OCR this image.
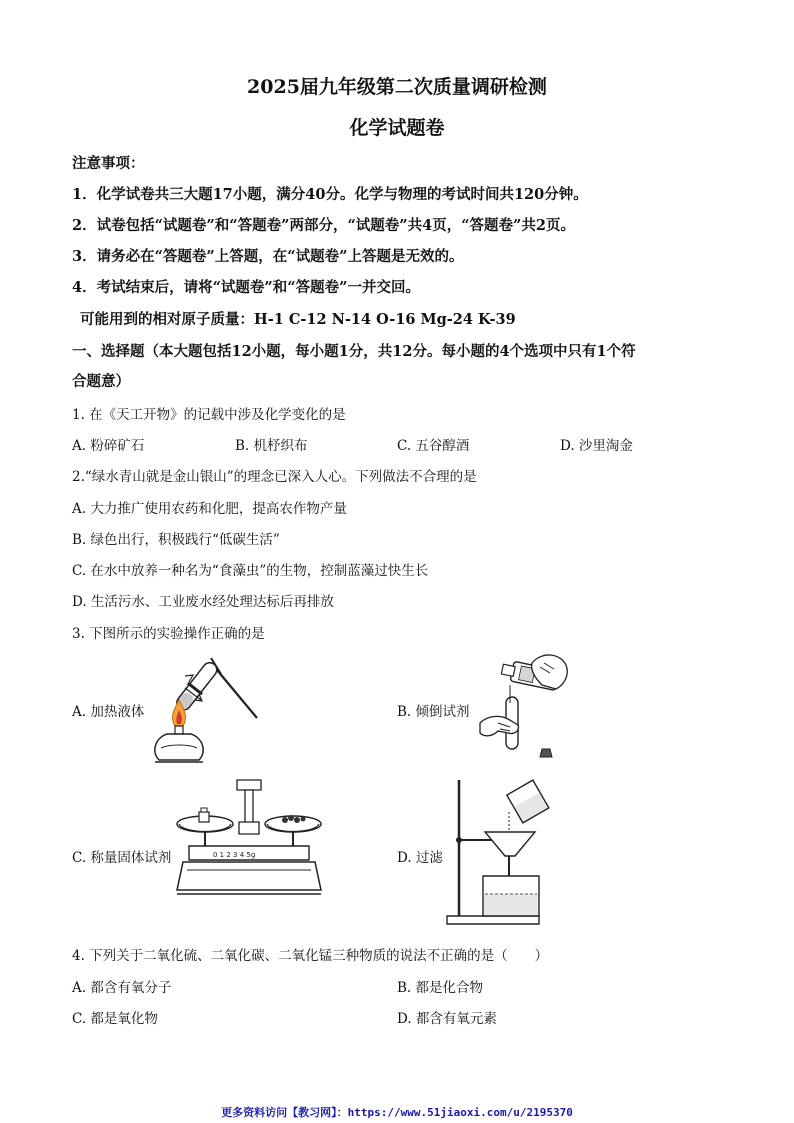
2025届九年级第二次质量调研检测
化学试题卷
注意事项：
1．化学试卷共三大题17小题，满分40分。化学与物理的考试时间共120分钟。
2．试卷包括“试题卷”和“答题卷”两部分，“试题卷”共4页，“答题卷”共2页。
3．请务必在“答题卷”上答题，在“试题卷”上答题是无效的。
4．考试结束后，请将“试题卷”和“答题卷”一并交回。
可能用到的相对原子质量：H-1 C-12 N-14 O-16 Mg-24 K-39
一、选择题（本大题包括12小题，每小题1分，共12分。每小题的4个选项中只有1个符
合题意）
1. 在《天工开物》的记载中涉及化学变化的是
A. 粉碎矿石	B. 机杼织布	C. 五谷醇酒	D. 沙里淘金
2.“绿水青山就是金山银山”的理念已深入人心。下列做法不合理的是
A. 大力推广使用农药和化肥，提高农作物产量
B. 绿色出行，积极践行“低碳生活”
C. 在水中放养一种名为“食藻虫”的生物，控制蓝藻过快生长
D. 生活污水、工业废水经处理达标后再排放
3. 下图所示的实验操作正确的是
A. 加热液体	B. 倾倒试剂
0 1 2 3 4 5g
C. 称量固体试剂	D. 过滤
4. 下列关于二氧化硫、二氧化碳、二氧化锰三种物质的说法不正确的是（　　）
A. 都含有氧分子	B. 都是化合物
C. 都是氧化物	D. 都含有氧元素
更多资料访问【教习网】：https://www.51jiaoxi.com/u/2195370
